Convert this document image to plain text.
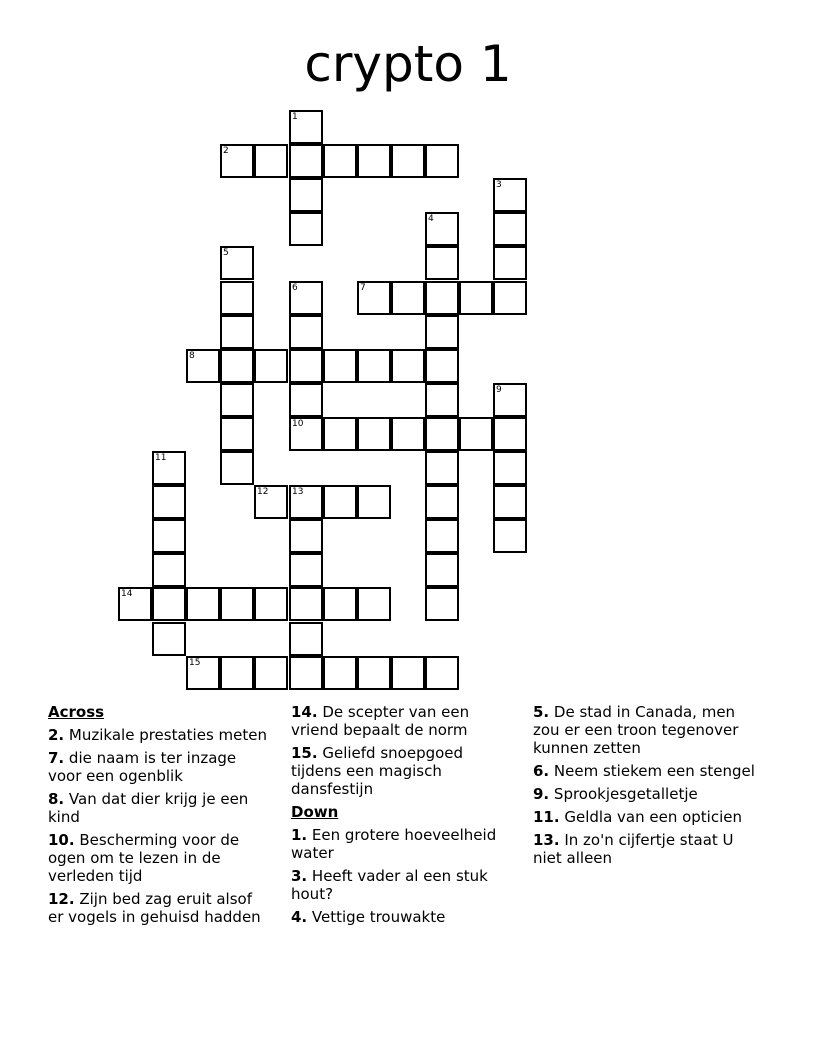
crypto 1
1
2
3
4
5
6	7
8
9
10
11
12	13
14
15
Across
2. Muzikale prestaties meten
7. die naam is ter inzage voor een ogenblik
8. Van dat dier krijg je een kind
10. Bescherming voor de ogen om te lezen in de verleden tijd
12. Zijn bed zag eruit alsof er vogels in gehuisd hadden
14. De scepter van een vriend bepaalt de norm
15. Geliefd snoepgoed tijdens een magisch dansfestijn
Down
1. Een grotere hoeveelheid water
3. Heeft vader al een stuk hout?
4. Vettige trouwakte
5. De stad in Canada, men zou er een troon tegenover kunnen zetten
6. Neem stiekem een stengel
9. Sprookjesgetalletje
11. Geldla van een opticien
13. In zo'n cijfertje staat U niet alleen
